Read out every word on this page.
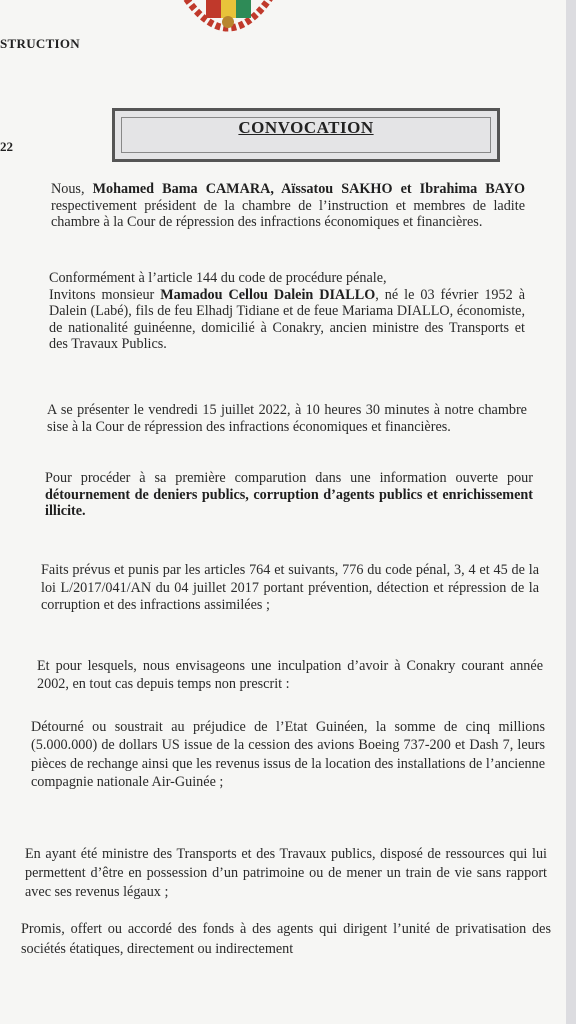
STRUCTION
22
CONVOCATION
Nous, Mohamed Bama CAMARA, Aïssatou SAKHO et Ibrahima BAYO respectivement président de la chambre de l’instruction et membres de ladite chambre à la Cour de répression des infractions économiques et financières.
Conformément à l’article 144 du code de procédure pénale,
Invitons monsieur Mamadou Cellou Dalein DIALLO, né le 03 février 1952 à Dalein (Labé), fils de feu Elhadj Tidiane et de feue Mariama DIALLO, économiste, de nationalité guinéenne, domicilié à Conakry, ancien ministre des Transports et des Travaux Publics.
A se présenter le vendredi 15 juillet 2022, à 10 heures 30 minutes à notre chambre sise à la Cour de répression des infractions économiques et financières.
Pour procéder à sa première comparution dans une information ouverte pour détournement de deniers publics, corruption d’agents publics et enrichissement illicite.
Faits prévus et punis par les articles 764 et suivants, 776 du code pénal, 3, 4 et 45 de la loi L/2017/041/AN du 04 juillet 2017 portant prévention, détection et répression de la corruption et des infractions assimilées ;
Et pour lesquels, nous envisageons une inculpation d’avoir à Conakry courant année 2002, en tout cas depuis temps non prescrit :
Détourné ou soustrait au préjudice de l’Etat Guinéen, la somme de cinq millions (5.000.000) de dollars US issue de la cession des avions Boeing 737-200 et Dash 7, leurs pièces de rechange ainsi que les revenus issus de la location des installations de l’ancienne compagnie nationale Air-Guinée ;
En ayant été ministre des Transports et des Travaux publics, disposé de ressources qui lui permettent d’être en possession d’un patrimoine ou de mener un train de vie sans rapport avec ses revenus légaux ;
Promis, offert ou accordé des fonds à des agents qui dirigent l’unité de privatisation des sociétés étatiques, directement ou indirectement
